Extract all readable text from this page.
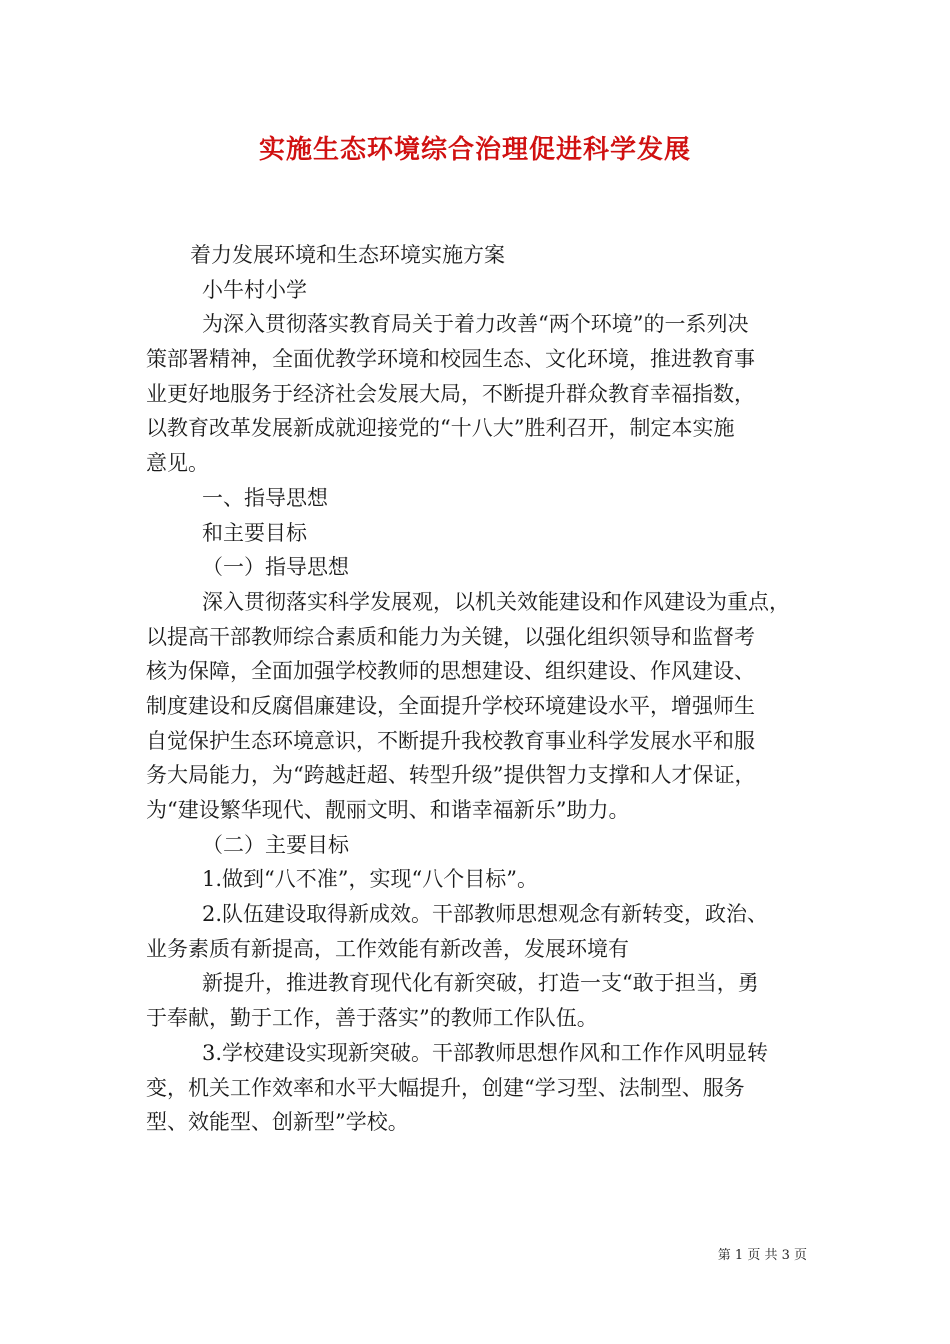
实施生态环境综合治理促进科学发展
着力发展环境和生态环境实施方案
小牛村小学
为深入贯彻落实教育局关于着力改善“两个环境”的一系列决
策部署精神，全面优教学环境和校园生态、文化环境，推进教育事
业更好地服务于经济社会发展大局，不断提升群众教育幸福指数，
以教育改革发展新成就迎接党的“十八大”胜利召开，制定本实施
意见。
一、指导思想
和主要目标
（一）指导思想
深入贯彻落实科学发展观，以机关效能建设和作风建设为重点，
以提高干部教师综合素质和能力为关键，以强化组织领导和监督考
核为保障，全面加强学校教师的思想建设、组织建设、作风建设、
制度建设和反腐倡廉建设，全面提升学校环境建设水平，增强师生
自觉保护生态环境意识，不断提升我校教育事业科学发展水平和服
务大局能力，为“跨越赶超、转型升级”提供智力支撑和人才保证，
为“建设繁华现代、靓丽文明、和谐幸福新乐”助力。
（二）主要目标
1.做到“八不准”，实现“八个目标”。
2.队伍建设取得新成效。干部教师思想观念有新转变，政治、
业务素质有新提高，工作效能有新改善，发展环境有
新提升，推进教育现代化有新突破，打造一支“敢于担当，勇
于奉献，勤于工作，善于落实”的教师工作队伍。
3.学校建设实现新突破。干部教师思想作风和工作作风明显转
变，机关工作效率和水平大幅提升，创建“学习型、法制型、服务
型、效能型、创新型”学校。
第 1 页 共 3 页
